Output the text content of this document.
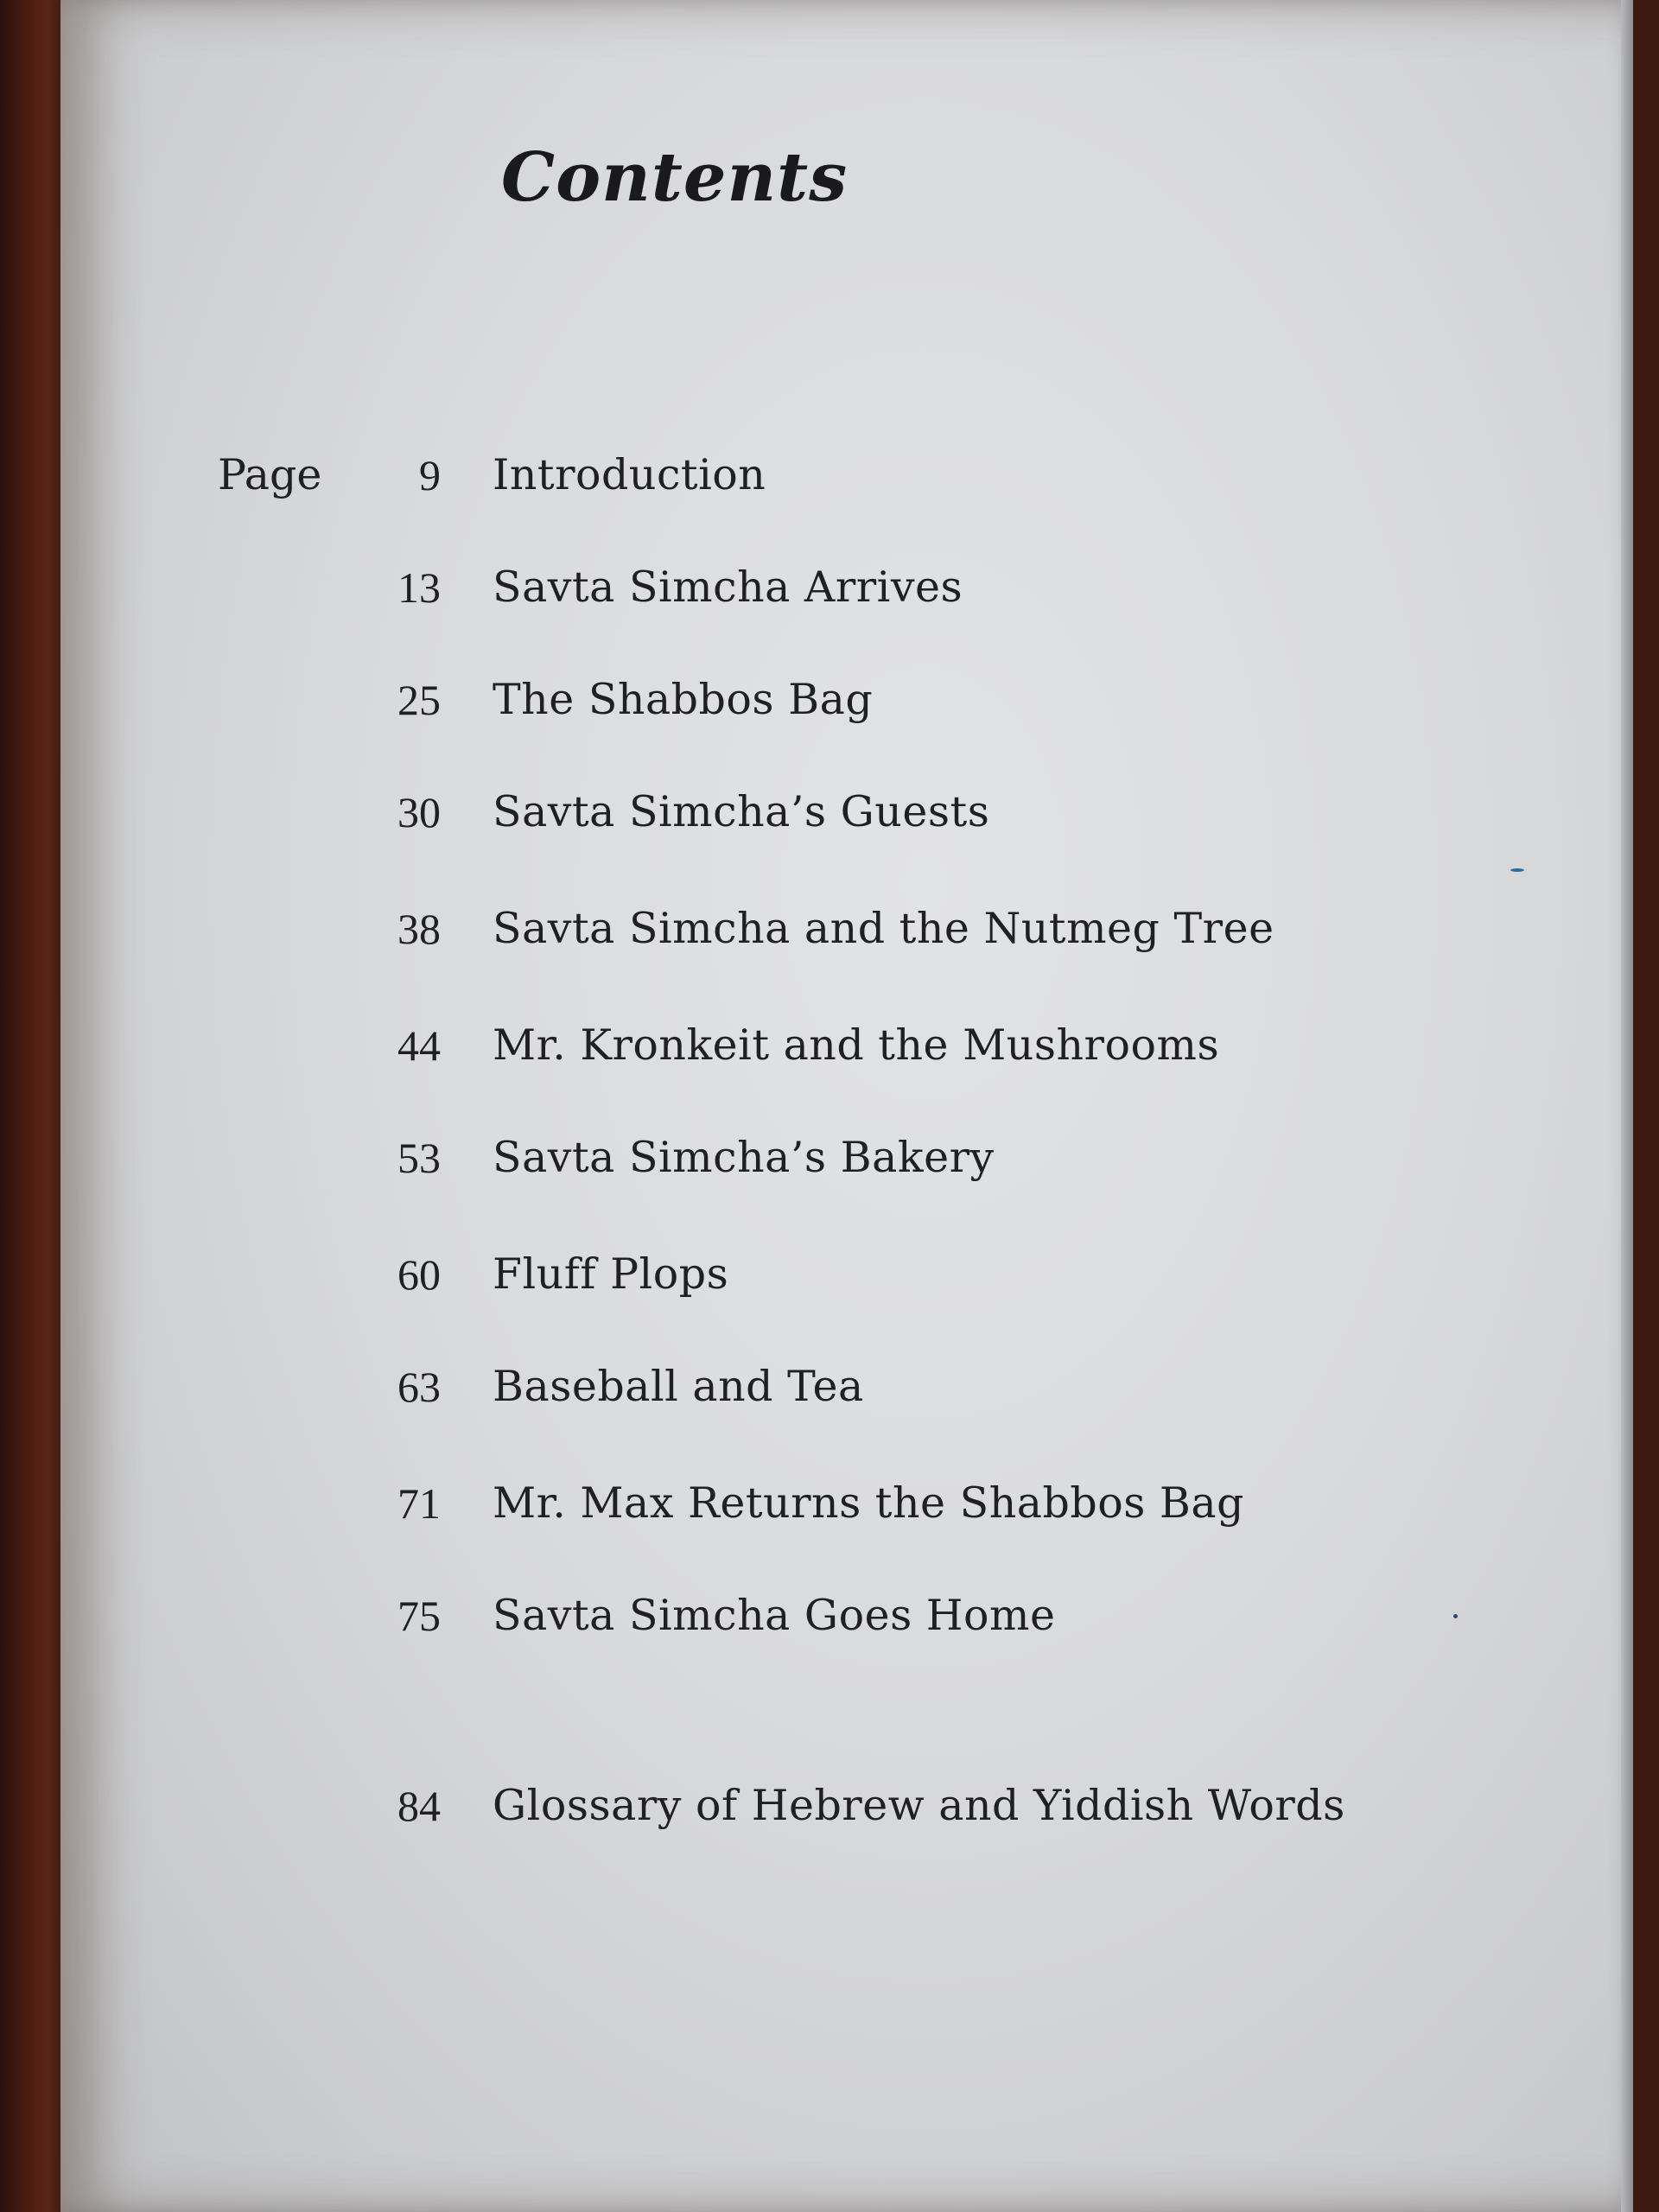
Contents
Page 9 Introduction
13 Savta Simcha Arrives
25 The Shabbos Bag
30 Savta Simcha’s Guests
38 Savta Simcha and the Nutmeg Tree
44 Mr. Kronkeit and the Mushrooms
53 Savta Simcha’s Bakery
60 Fluff Plops
63 Baseball and Tea
71 Mr. Max Returns the Shabbos Bag
75 Savta Simcha Goes Home
84 Glossary of Hebrew and Yiddish Words
